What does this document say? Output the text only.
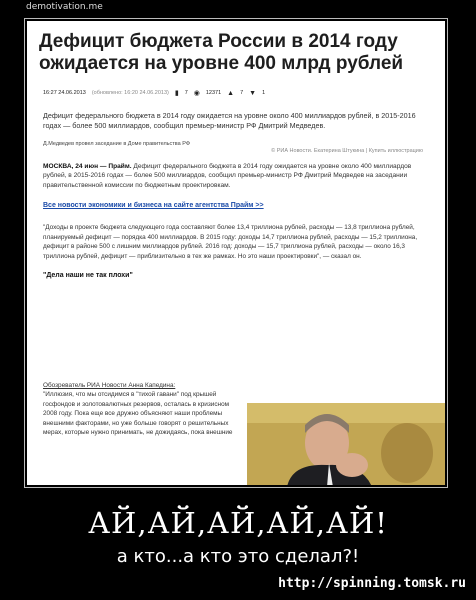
demotivation.me
Дефицит бюджета России в 2014 году ожидается на уровне 400 млрд рублей
16:27 24.06.2013 (обновлено: 16:20 24.06.2013) ▮ 7 ◉ 12371 ▲ 7 ▼ 1
Дефицит федерального бюджета в 2014 году ожидается на уровне около 400 миллиардов рублей, в 2015-2016 годах — более 500 миллиардов, сообщил премьер-министр РФ Дмитрий Медведев.
Д.Медведев провел заседание в Доме правительства РФ
© РИА Новости. Екатерина Штукина | Купить иллюстрацию
МОСКВА, 24 июн — Прайм. Дефицит федерального бюджета в 2014 году ожидается на уровне около 400 миллиардов рублей, в 2015-2016 годах — более 500 миллиардов, сообщил премьер-министр РФ Дмитрий Медведев на заседании правительственной комиссии по бюджетным проектировкам.
Все новости экономики и бизнеса на сайте агентства Прайм >>
"Доходы в проекте бюджета следующего года составляют более 13,4 триллиона рублей, расходы — 13,8 триллиона рублей, планируемый дефицит — порядка 400 миллиардов. В 2015 году: доходы 14,7 триллиона рублей, расходы — 15,2 триллиона, дефицит в районе 500 с лишним миллиардов рублей. 2016 год: доходы — 15,7 триллиона рублей, расходы — около 16,3 триллиона рублей, дефицит — приблизительно в тех же рамках. Но это наши проектировки", — сказал он.
"Дела наши не так плохи"
Обозреватель РИА Новости Анна Капедина:
"Иллюзия, что мы отсидимся в "тихой гавани" под крышей госфондов и золотовалютных резервов, осталась в кризисном 2008 году. Пока еще все дружно объясняют наши проблемы внешними факторами, но уже больше говорят о решительных мерах, которые нужно принимать, не дожидаясь, пока внешние
АЙ,АЙ,АЙ,АЙ,АЙ!
а кто...а кто это сделал?!
http://spinning.tomsk.ru
